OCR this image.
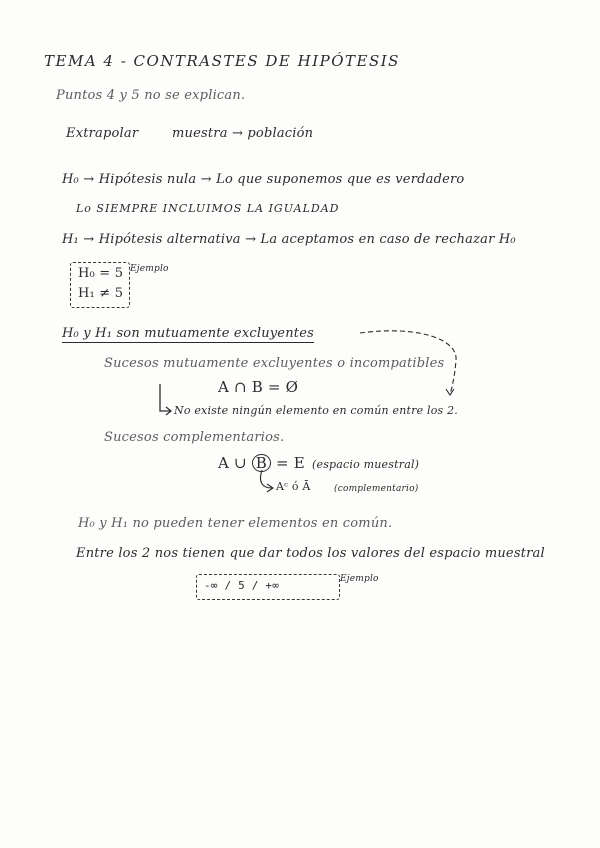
TEMA 4 - CONTRASTES DE HIPÓTESIS
Puntos 4 y 5 no se explican.
Extrapolar	muestra → población
H₀ → Hipótesis nula → Lo que suponemos que es verdadero
Lo SIEMPRE INCLUIMOS LA IGUALDAD
H₁ → Hipótesis alternativa → La aceptamos en caso de rechazar H₀
H₀ = 5
H₁ ≠ 5
Ejemplo
H₀ y H₁ son mutuamente excluyentes
Sucesos mutuamente excluyentes o incompatibles
A ∩ B = Ø
No existe ningún elemento en común entre los 2.
Sucesos complementarios.
A ∪ B = E (espacio muestral)
Aᶜ ó Ā	(complementario)
H₀ y H₁ no pueden tener elementos en común.
Entre los 2 nos tienen que dar todos los valores del espacio muestral
-∞ / 5 / +∞	Ejemplo
